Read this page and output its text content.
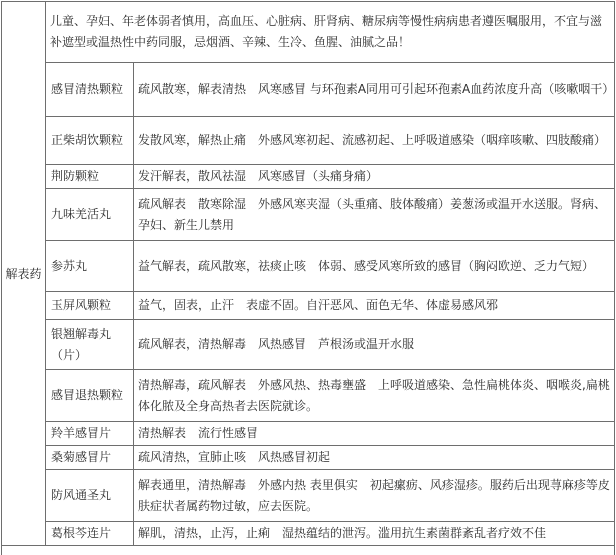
解表药	儿童、孕妇、年老体弱者慎用，高血压、心脏病、肝肾病、糖尿病等慢性病病患者遵医嘱服用，不宜与滋补遮型或温热性中药同服，忌烟酒、辛辣、生冷、鱼腥、油腻之品！	
	感冒清热颗粒	疏风散寒，解表清热　风寒感冒 与环孢素A同用可引起环孢素A血药浓度升高（咳嗽咽干）
	正柴胡饮颗粒	发散风寒，解热止痛　外感风寒初起、流感初起、上呼吸道感染（咽痒咳嗽、四肢酸痛）
	荆防颗粒	发汗解表，散风祛湿　风寒感冒（头痛身痛）
	九味羌活丸	疏风解表　散寒除湿　外感风寒夹湿（头重痛、肢体酸痛）姜葱汤或温开水送服。肾病、孕妇、新生儿禁用
	参苏丸	益气解表，疏风散寒，祛痰止咳　体弱、感受风寒所致的感冒（胸闷欧逆、乏力气短）
	玉屏风颗粒	益气，固表，止汗　表虚不固。自汗恶风、面色无华、体虚易感风邪
	银翘解毒丸（片）	疏风解表，清热解毒　风热感冒　芦根汤或温开水服
	感冒退热颗粒	清热解毒，疏风解表　外感风热、热毒壅盛　上呼吸道感染、急性扁桃体炎、咽喉炎,扁桃体化脓及全身高热者去医院就诊。
	羚羊感冒片	清热解表　流行性感冒
	桑菊感冒片	疏风清热，宣肺止咳　风热感冒初起
	防风通圣丸	解表通里，清热解毒　外感内热 表里俱实　初起瘰疬、风疹湿疹。服药后出现荨麻疹等皮肤症状者属药物过敏，应去医院。
	葛根芩连片	解肌，清热，止泻，止痢　湿热蕴结的泄泻。滥用抗生素菌群紊乱者疗效不佳
